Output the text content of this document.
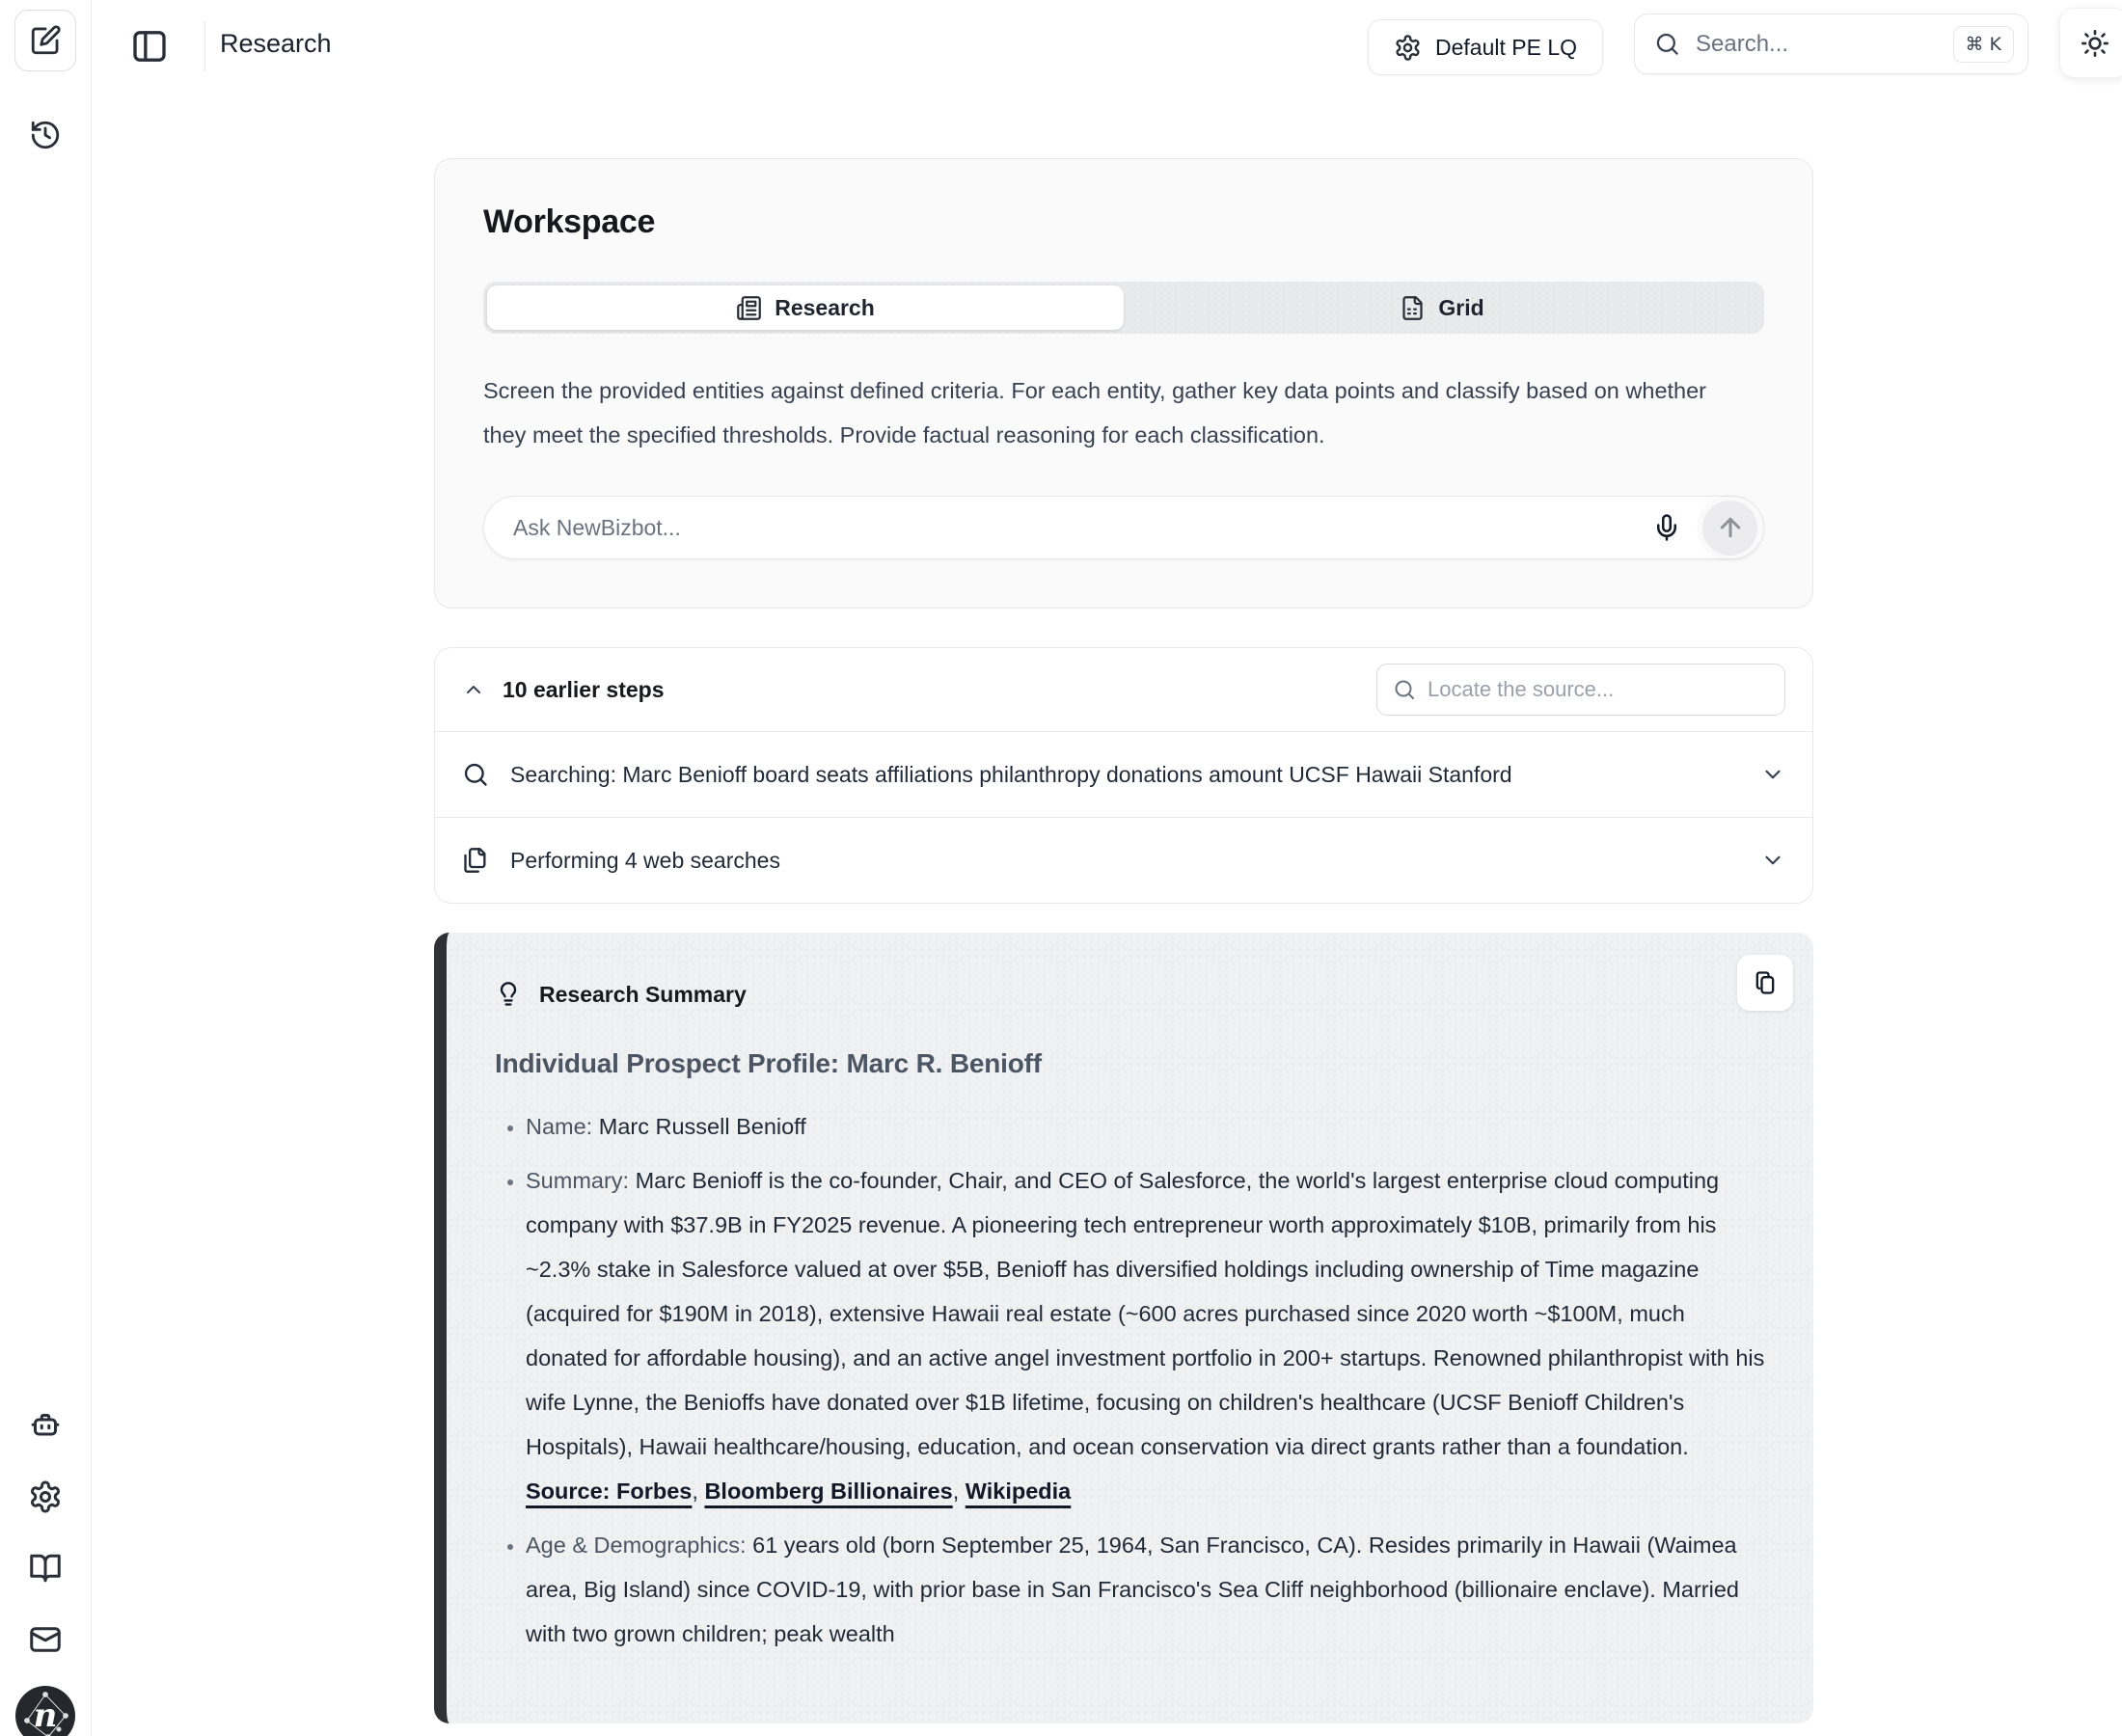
n
Research	Default PE LQ
Search...	⌘ K
Workspace
Research	Grid

Screen the provided entities against defined criteria. For each entity, gather key data points and classify based on whether they meet the specified thresholds. Provide factual reasoning for each classification.

Ask NewBizbot...
10 earlier steps
Locate the source...
Searching: Marc Benioff board seats affiliations philanthropy donations amount UCSF Hawaii Stanford
Performing 4 web searches
Research Summary
Individual Prospect Profile: Marc R. Benioff
• Name: Marc Russell Benioff
• Summary: Marc Benioff is the co-founder, Chair, and CEO of Salesforce, the world's largest enterprise cloud computing company with $37.9B in FY2025 revenue. A pioneering tech entrepreneur worth approximately $10B, primarily from his ~2.3% stake in Salesforce valued at over $5B, Benioff has diversified holdings including ownership of Time magazine (acquired for $190M in 2018), extensive Hawaii real estate (~600 acres purchased since 2020 worth ~$100M, much donated for affordable housing), and an active angel investment portfolio in 200+ startups. Renowned philanthropist with his wife Lynne, the Benioffs have donated over $1B lifetime, focusing on children's healthcare (UCSF Benioff Children's Hospitals), Hawaii healthcare/housing, education, and ocean conservation via direct grants rather than a foundation. Source: Forbes, Bloomberg Billionaires, Wikipedia
• Age & Demographics: 61 years old (born September 25, 1964, San Francisco, CA). Resides primarily in Hawaii (Waimea area, Big Island) since COVID-19, with prior base in San Francisco's Sea Cliff neighborhood (billionaire enclave). Married with two grown children; peak wealth
